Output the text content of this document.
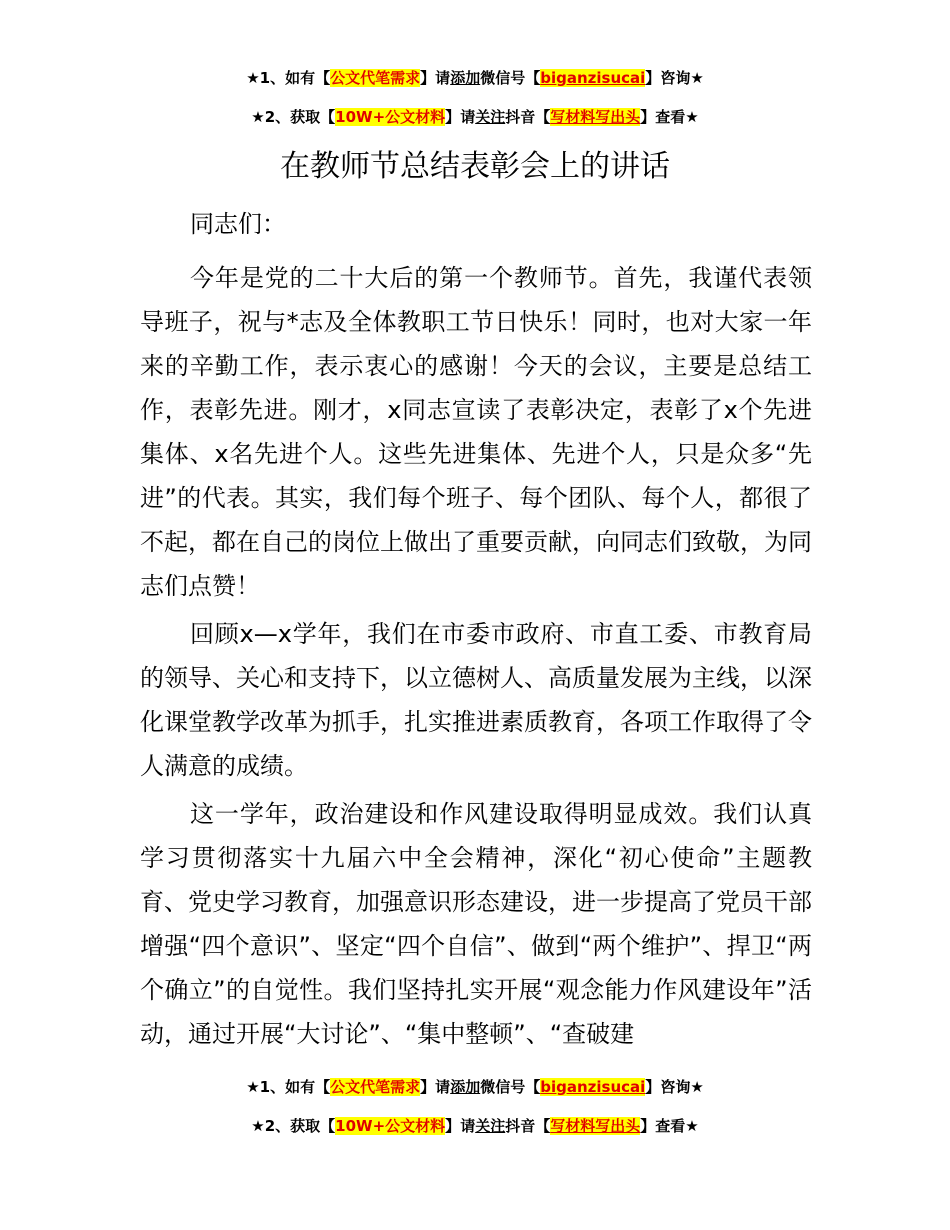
★1、如有【公文代笔需求】请添加微信号【biganzisucai】咨询★
★2、获取【10W+公文材料】请关注抖音【写材料写出头】查看★
在教师节总结表彰会上的讲话

同志们：

今年是党的二十大后的第一个教师节。首先，我谨代表领导班子，祝与*志及全体教职工节日快乐！同时，也对大家一年来的辛勤工作，表示衷心的感谢！今天的会议，主要是总结工作，表彰先进。刚才，x同志宣读了表彰决定，表彰了x个先进集体、x名先进个人。这些先进集体、先进个人，只是众多“先进”的代表。其实，我们每个班子、每个团队、每个人，都很了不起，都在自己的岗位上做出了重要贡献，向同志们致敬，为同志们点赞！

回顾x—x学年，我们在市委市政府、市直工委、市教育局的领导、关心和支持下，以立德树人、高质量发展为主线，以深化课堂教学改革为抓手，扎实推进素质教育，各项工作取得了令人满意的成绩。

这一学年，政治建设和作风建设取得明显成效。我们认真学习贯彻落实十九届六中全会精神，深化“初心使命”主题教育、党史学习教育，加强意识形态建设，进一步提高了党员干部增强“四个意识”、坚定“四个自信”、做到“两个维护”、捍卫“两个确立”的自觉性。我们坚持扎实开展“观念能力作风建设年”活动，通过开展“大讨论”、“集中整顿”、“查破建

★1、如有【公文代笔需求】请添加微信号【biganzisucai】咨询★
★2、获取【10W+公文材料】请关注抖音【写材料写出头】查看★
